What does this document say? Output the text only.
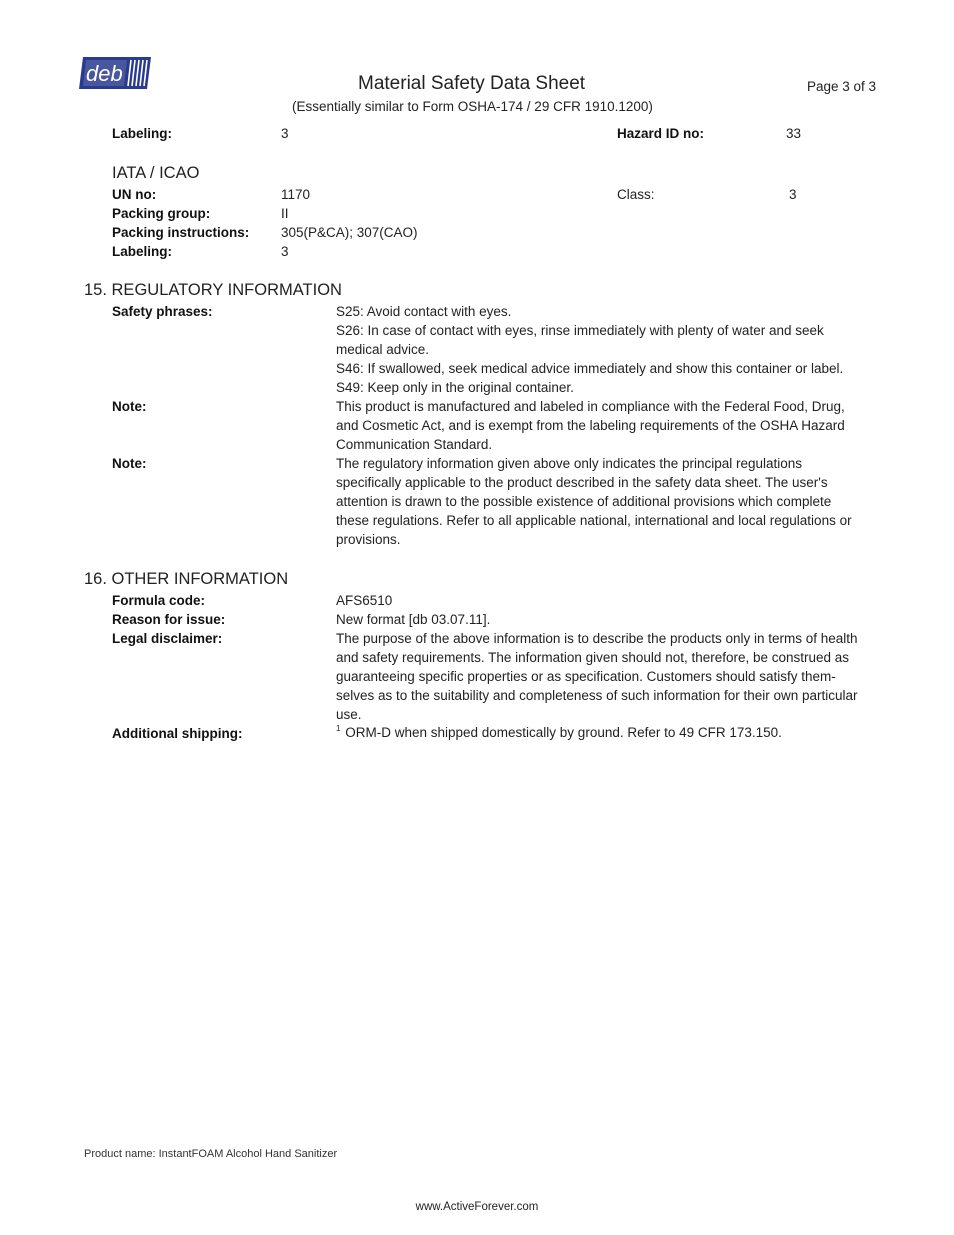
deb	Material Safety Data Sheet
(Essentially similar to Form OSHA-174 / 29 CFR 1910.1200)
Page 3 of 3
Labeling:	3	Hazard ID no:	33
IATA / ICAO
UN no:	1170	Class:	3
Packing group:	II
Packing instructions: 305(P&CA); 307(CAO)
Labeling:	3
15. REGULATORY INFORMATION
Safety phrases:	S25: Avoid contact with eyes.
S26: In case of contact with eyes, rinse immediately with plenty of water and seek
medical advice.
S46: If swallowed, seek medical advice immediately and show this container or label.
S49: Keep only in the original container.
Note:	This product is manufactured and labeled in compliance with the Federal Food, Drug,
and Cosmetic Act, and is exempt from the labeling requirements of the OSHA Hazard
Communication Standard.
Note:	The regulatory information given above only indicates the principal regulations
specifically applicable to the product described in the safety data sheet. The user's
attention is drawn to the possible existence of additional provisions which complete
these regulations. Refer to all applicable national, international and local regulations or
provisions.
16. OTHER INFORMATION
Formula code:	AFS6510
Reason for issue:	New format [db 03.07.11].
Legal disclaimer:	The purpose of the above information is to describe the products only in terms of health
and safety requirements. The information given should not, therefore, be construed as
guaranteeing specific properties or as specification. Customers should satisfy them-
selves as to the suitability and completeness of such information for their own particular
use.
Additional shipping:	$^1$ ORM-D when shipped domestically by ground. Refer to 49 CFR 173.150.
Product name: InstantFOAM Alcohol Hand Sanitizer
www.ActiveForever.com
